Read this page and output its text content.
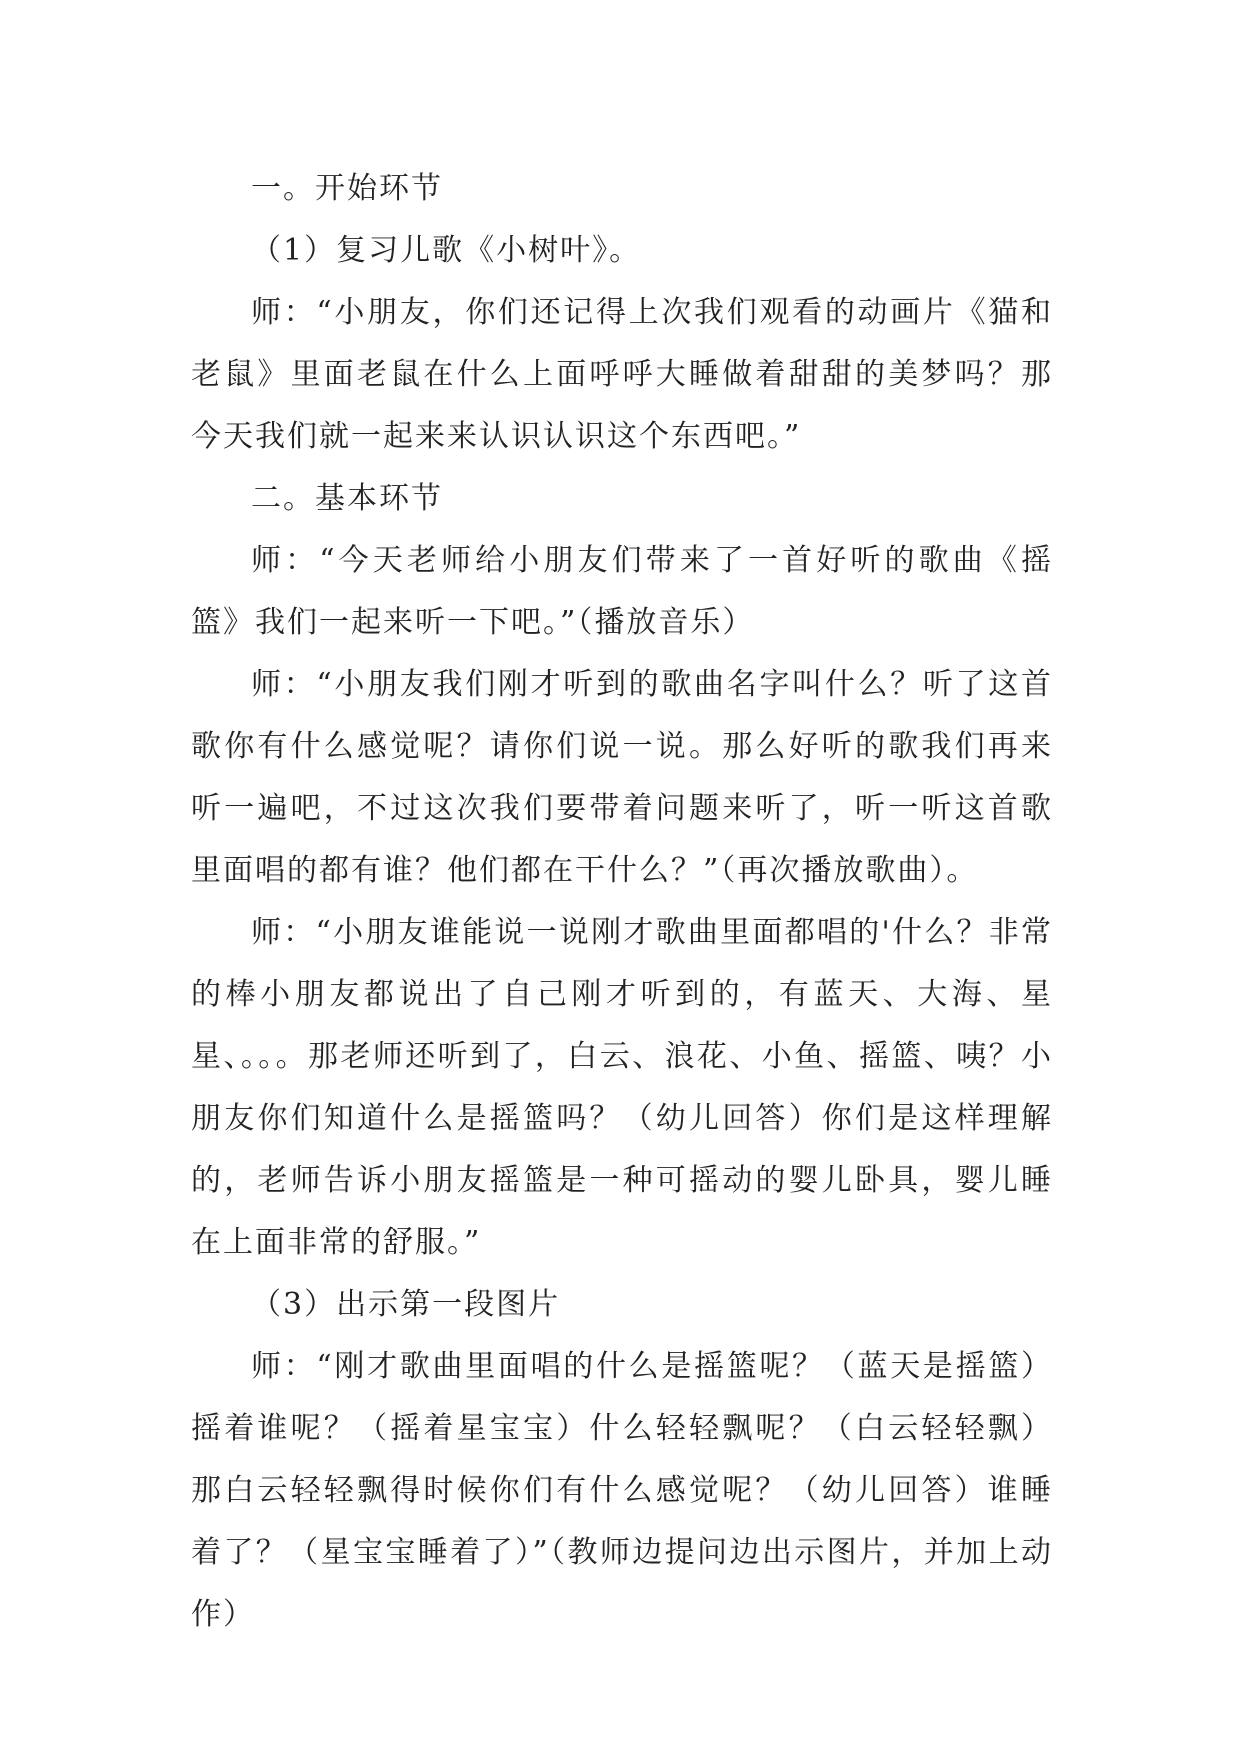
一。开始环节

（1）复习儿歌《小树叶》。

师：“小朋友，你们还记得上次我们观看的动画片《猫和老鼠》里面老鼠在什么上面呼呼大睡做着甜甜的美梦吗？那今天我们就一起来来认识认识这个东西吧。”

二。基本环节

师：“今天老师给小朋友们带来了一首好听的歌曲《摇篮》我们一起来听一下吧。”（播放音乐）

师：“小朋友我们刚才听到的歌曲名字叫什么？听了这首歌你有什么感觉呢？请你们说一说。那么好听的歌我们再来听一遍吧，不过这次我们要带着问题来听了，听一听这首歌里面唱的都有谁？他们都在干什么？”（再次播放歌曲）。

师：“小朋友谁能说一说刚才歌曲里面都唱的'什么？非常的棒小朋友都说出了自己刚才听到的，有蓝天、大海、星星、。。。那老师还听到了，白云、浪花、小鱼、摇篮、咦？小朋友你们知道什么是摇篮吗？（幼儿回答）你们是这样理解的，老师告诉小朋友摇篮是一种可摇动的婴儿卧具，婴儿睡在上面非常的舒服。”

（3）出示第一段图片

师：“刚才歌曲里面唱的什么是摇篮呢？（蓝天是摇篮）摇着谁呢？（摇着星宝宝）什么轻轻飘呢？（白云轻轻飘）那白云轻轻飘得时候你们有什么感觉呢？（幼儿回答）谁睡着了？（星宝宝睡着了）”（教师边提问边出示图片，并加上动作）
